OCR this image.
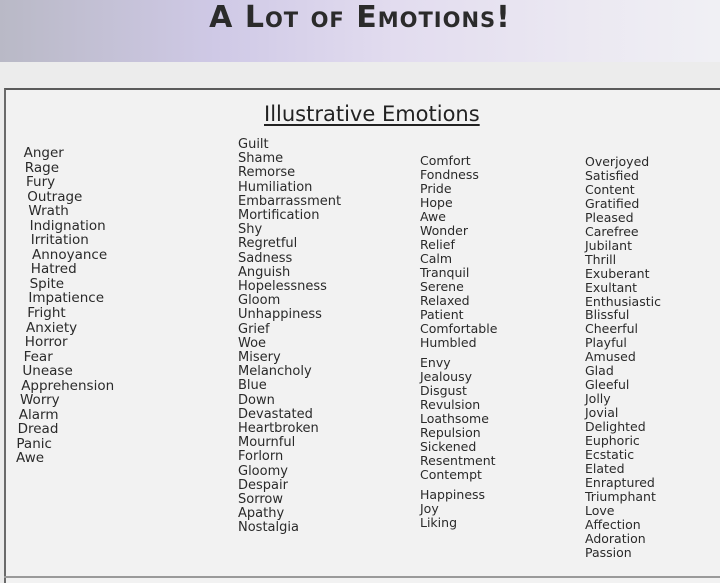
A Lot of Emotions!
Illustrative Emotions
Anger
Rage
Fury
Outrage
Wrath
Indignation
Irritation
Annoyance
Hatred
Spite
Impatience
Fright
Anxiety
Horror
Fear
Unease
Apprehension
Worry
Alarm
Dread
Panic
Awe
Guilt
Shame
Remorse
Humiliation
Embarrassment
Mortification
Shy
Regretful
Sadness
Anguish
Hopelessness
Gloom
Unhappiness
Grief
Woe
Misery
Melancholy
Blue
Down
Devastated
Heartbroken
Mournful
Forlorn
Gloomy
Despair
Sorrow
Apathy
Nostalgia
Comfort
Fondness
Pride
Hope
Awe
Wonder
Relief
Calm
Tranquil
Serene
Relaxed
Patient
Comfortable
Humbled
Envy
Jealousy
Disgust
Revulsion
Loathsome
Repulsion
Sickened
Resentment
Contempt
Happiness
Joy
Liking
Overjoyed
Satisfied
Content
Gratified
Pleased
Carefree
Jubilant
Thrill
Exuberant
Exultant
Enthusiastic
Blissful
Cheerful
Playful
Amused
Glad
Gleeful
Jolly
Jovial
Delighted
Euphoric
Ecstatic
Elated
Enraptured
Triumphant
Love
Affection
Adoration
Passion
